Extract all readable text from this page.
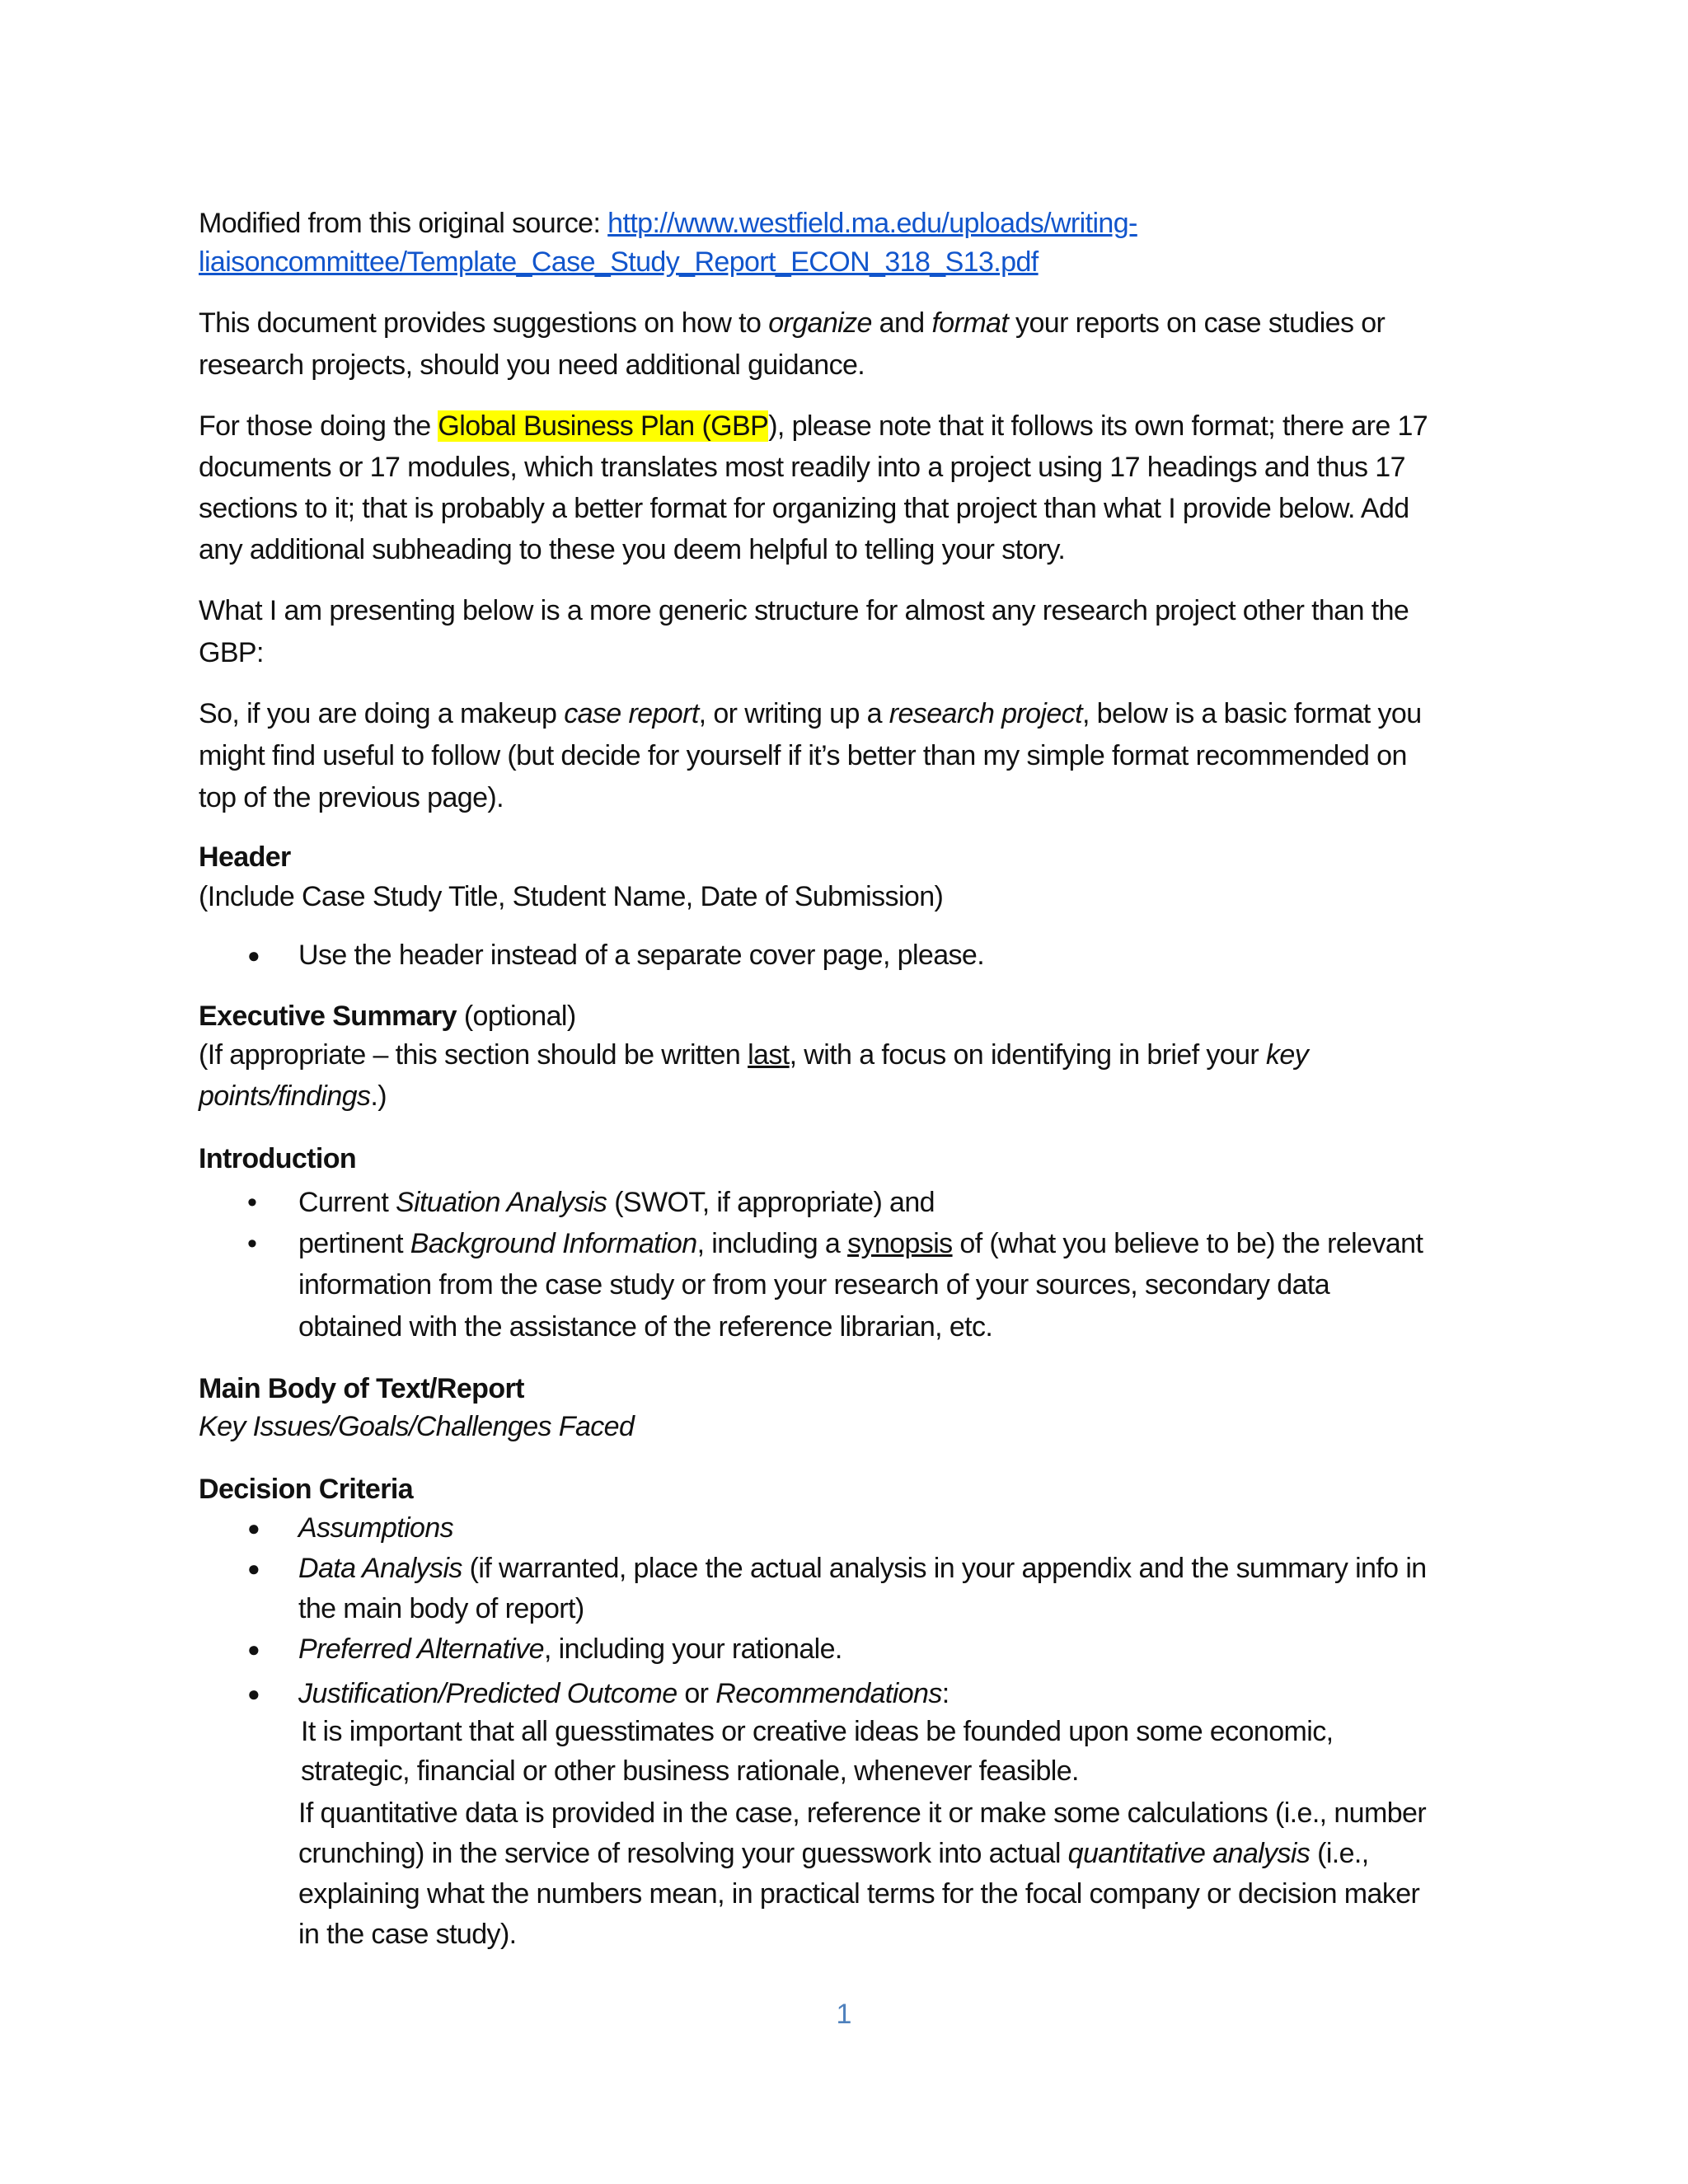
Modified from this original source: http://www.westfield.ma.edu/uploads/writing-
liaisoncommittee/Template_Case_Study_Report_ECON_318_S13.pdf
This document provides suggestions on how to organize and format your reports on case studies or
research projects, should you need additional guidance.
For those doing the Global Business Plan (GBP), please note that it follows its own format; there are 17
documents or 17 modules, which translates most readily into a project using 17 headings and thus 17
sections to it; that is probably a better format for organizing that project than what I provide below. Add
any additional subheading to these you deem helpful to telling your story.
What I am presenting below is a more generic structure for almost any research project other than the
GBP:
So, if you are doing a makeup case report, or writing up a research project, below is a basic format you
might find useful to follow (but decide for yourself if it’s better than my simple format recommended on
top of the previous page).
Header
(Include Case Study Title, Student Name, Date of Submission)
● Use the header instead of a separate cover page, please.
Executive Summary (optional)
(If appropriate – this section should be written last, with a focus on identifying in brief your key
points/findings.)
Introduction
• Current Situation Analysis (SWOT, if appropriate) and
• pertinent Background Information, including a synopsis of (what you believe to be) the relevant
information from the case study or from your research of your sources, secondary data
obtained with the assistance of the reference librarian, etc.
Main Body of Text/Report
Key Issues/Goals/Challenges Faced
Decision Criteria
● Assumptions
● Data Analysis (if warranted, place the actual analysis in your appendix and the summary info in
the main body of report)
● Preferred Alternative, including your rationale.
● Justification/Predicted Outcome or Recommendations:
It is important that all guesstimates or creative ideas be founded upon some economic,
strategic, financial or other business rationale, whenever feasible.
If quantitative data is provided in the case, reference it or make some calculations (i.e., number
crunching) in the service of resolving your guesswork into actual quantitative analysis (i.e.,
explaining what the numbers mean, in practical terms for the focal company or decision maker
in the case study).
1
